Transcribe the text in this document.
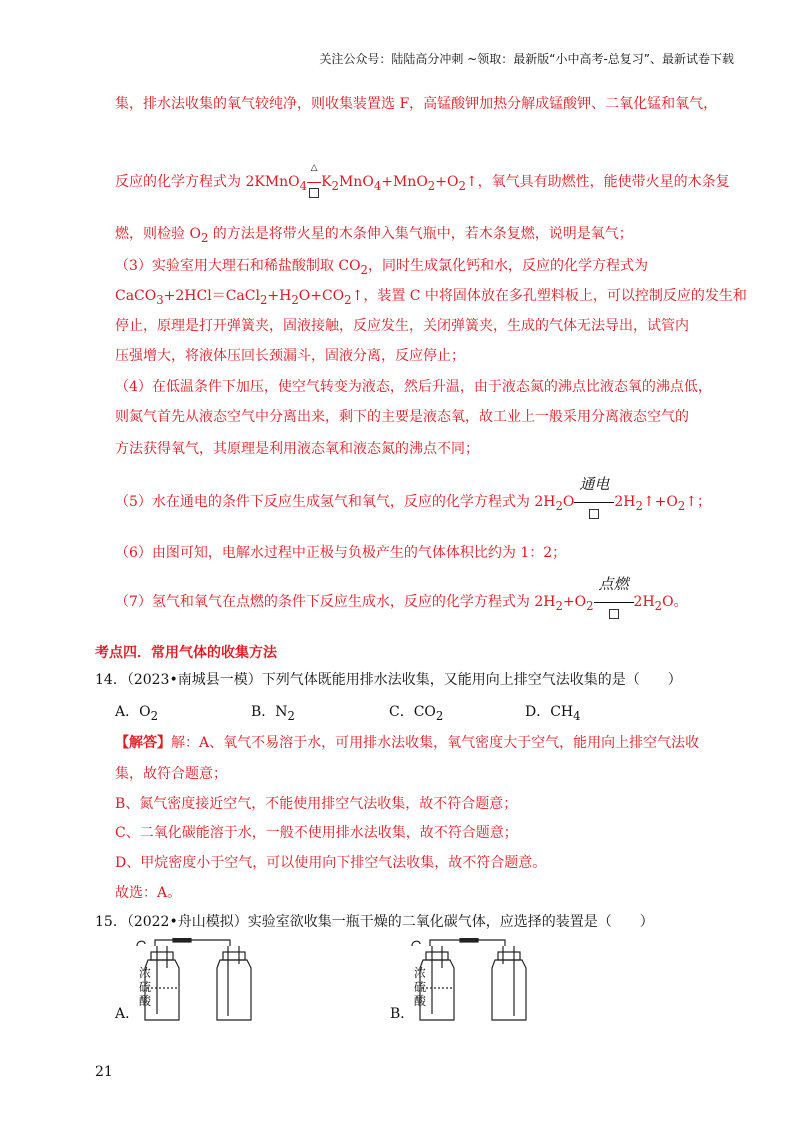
关注公众号：陆陆高分冲刺 ~领取：最新版“小中高考-总复习”、最新试卷下载
集，排水法收集的氧气较纯净，则收集装置选 F，高锰酸钾加热分解成锰酸钾、二氧化锰和氧气，
反应的化学方程式为 2KMnO$_4$
△
$K_2MnO_4+MnO_2+O_2↑$，氧气具有助燃性，能使带火星的木条复
燃，则检验 $O_2$ 的方法是将带火星的木条伸入集气瓶中，若木条复燃，说明是氧气；
（3）实验室用大理石和稀盐酸制取 $CO_2$，同时生成氯化钙和水，反应的化学方程式为
$CaCO_3+2HCl=CaCl_2+H_2O+CO_2↑$，装置 C 中将固体放在多孔塑料板上，可以控制反应的发生和
停止，原理是打开弹簧夹，固液接触，反应发生，关闭弹簧夹，生成的气体无法导出，试管内
压强增大，将液体压回长颈漏斗，固液分离，反应停止；
（4）在低温条件下加压，使空气转变为液态，然后升温，由于液态氮的沸点比液态氧的沸点低，
则氮气首先从液态空气中分离出来，剩下的主要是液态氧，故工业上一般采用分离液态空气的
方法获得氧气，其原理是利用液态氧和液态氮的沸点不同；
（5）水在通电的条件下反应生成氢气和氧气，反应的化学方程式为 $2H_2O$
通电
$2H_2↑+O_2↑$；
（6）由图可知，电解水过程中正极与负极产生的气体体积比约为 1：2；
（7）氢气和氧气在点燃的条件下反应生成水，反应的化学方程式为 $2H_2+O_2$
点燃
$2H_2O$。
考点四．常用气体的收集方法
14．（2023•南城县一模）下列气体既能用排水法收集，又能用向上排空气法收集的是（　　）
A．$O_2$	B．$N_2$	C．$CO_2$	D．$CH_4$
【解答】解：A、氧气不易溶于水，可用排水法收集，氧气密度大于空气，能用向上排空气法收
集，故符合题意；
B、氮气密度接近空气，不能使用排空气法收集，故不符合题意；
C、二氧化碳能溶于水，一般不使用排水法收集，故不符合题意；
D、甲烷密度小于空气，可以使用向下排空气法收集，故不符合题意。
故选：A。
15．（2022•舟山模拟）实验室欲收集一瓶干燥的二氧化碳气体，应选择的装置是（　　）
A．
浓
硫
酸
B．
浓
硫
酸
21
